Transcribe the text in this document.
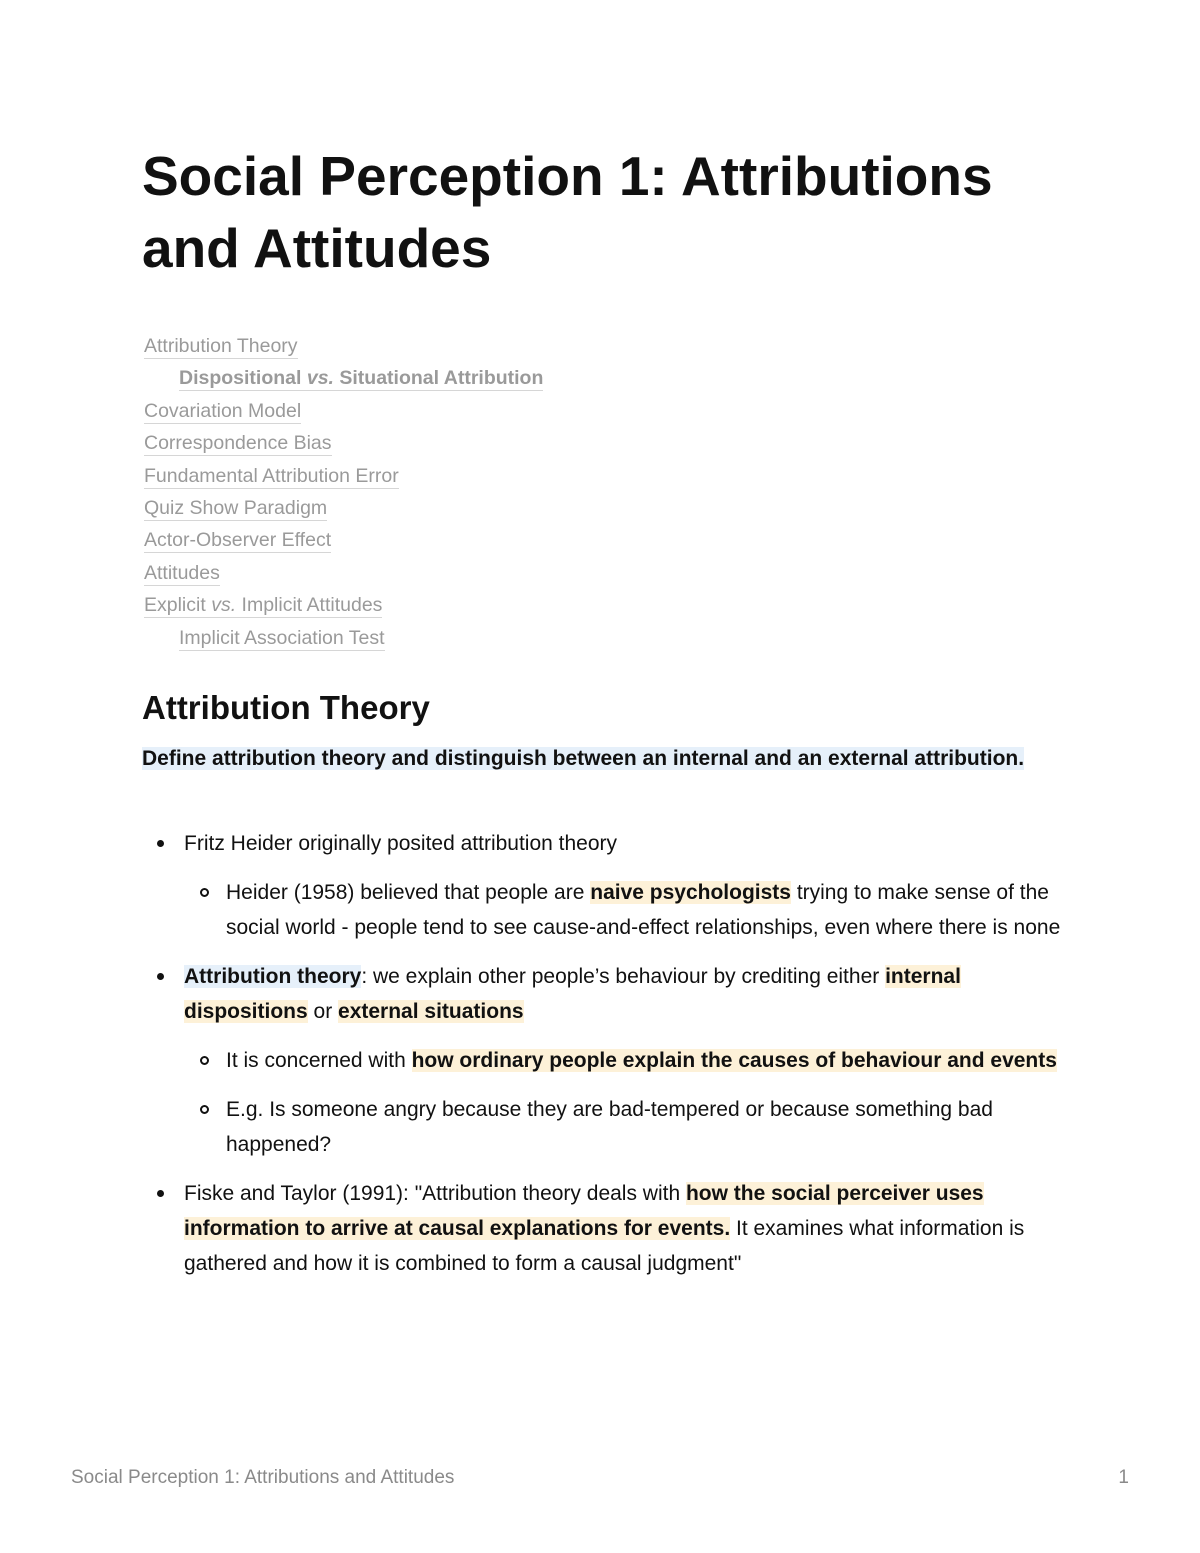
Social Perception 1: Attributions and Attitudes
Attribution Theory
Dispositional vs. Situational Attribution
Covariation Model
Correspondence Bias
Fundamental Attribution Error
Quiz Show Paradigm
Actor-Observer Effect
Attitudes
Explicit vs. Implicit Attitudes
Implicit Association Test
Attribution Theory

Define attribution theory and distinguish between an internal and an external attribution.

Fritz Heider originally posited attribution theory
Heider (1958) believed that people are naive psychologists trying to make sense of the social world - people tend to see cause-and-effect relationships, even where there is none
Attribution theory: we explain other people’s behaviour by crediting either internal dispositions or external situations
It is concerned with how ordinary people explain the causes of behaviour and events
E.g. Is someone angry because they are bad-tempered or because something bad happened?
Fiske and Taylor (1991): "Attribution theory deals with how the social perceiver uses information to arrive at causal explanations for events. It examines what information is gathered and how it is combined to form a causal judgment"
Social Perception 1: Attributions and Attitudes	1
